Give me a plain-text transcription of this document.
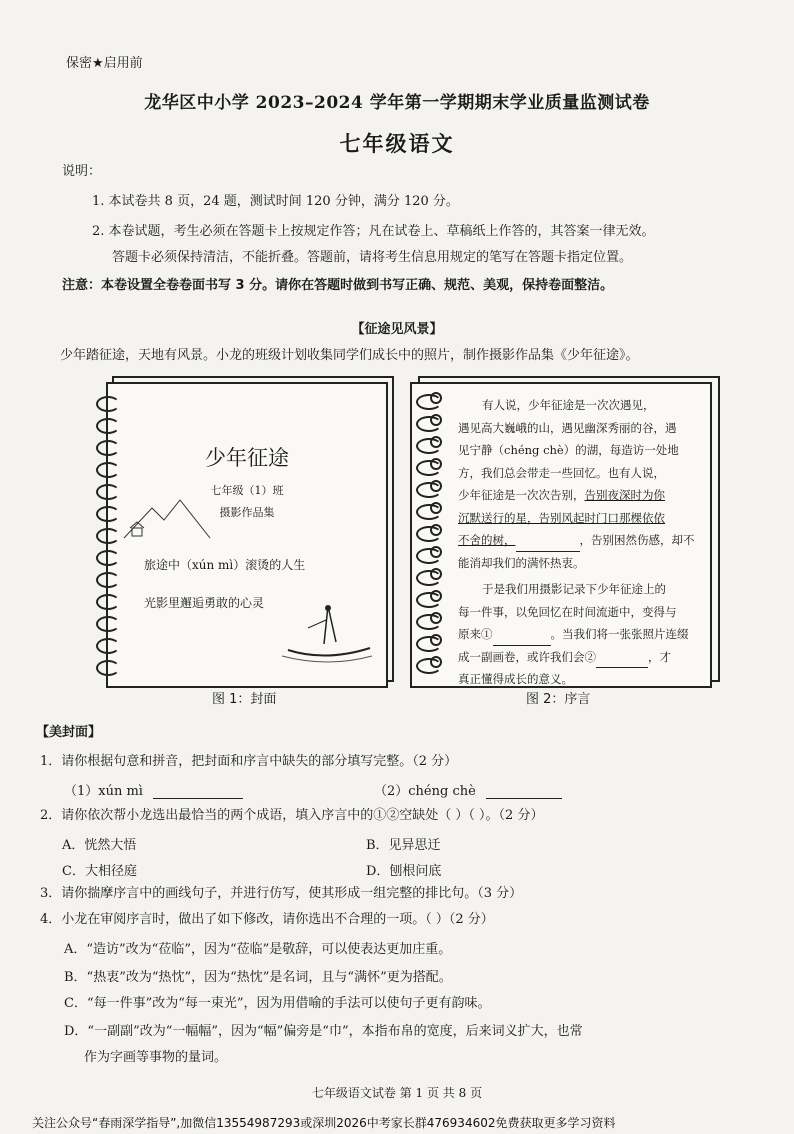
保密★启用前
龙华区中小学 2023–2024 学年第一学期期末学业质量监测试卷
七年级语文
说明：
1. 本试卷共 8 页，24 题，测试时间 120 分钟，满分 120 分。
2. 本卷试题，考生必须在答题卡上按规定作答；凡在试卷上、草稿纸上作答的，其答案一律无效。
答题卡必须保持清洁，不能折叠。答题前，请将考生信息用规定的笔写在答题卡指定位置。
注意：本卷设置全卷卷面书写 3 分。请你在答题时做到书写正确、规范、美观，保持卷面整洁。
【征途见风景】
少年踏征途，天地有风景。小龙的班级计划收集同学们成长中的照片，制作摄影作品集《少年征途》。
少年征途
七年级（1）班
摄影作品集
旅途中（xún mì）滚烫的人生
光影里邂逅勇敢的心灵
图 1：封面
有人说，少年征途是一次次遇见，
遇见高大巍峨的山，遇见幽深秀丽的谷，遇
见宁静（chéng chè）的湖，每造访一处地
方，我们总会带走一些回忆。也有人说，
少年征途是一次次告别，告别夜深时为你
沉默送行的星，告别风起时门口那棵依依
不舍的树，	，告别困然伤感，却不
能消却我们的满怀热衷。
于是我们用摄影记录下少年征途上的
每一件事，以免回忆在时间流逝中，变得与
原来①	。当我们将一张张照片连缀
成一副画卷，或许我们会②	，才
真正懂得成长的意义。
图 2：序言
【美封面】
1．请你根据句意和拼音，把封面和序言中缺失的部分填写完整。（2 分）
（1）xún mì	（2）chéng chè
2．请你依次帮小龙选出最恰当的两个成语，填入序言中的①②空缺处（ ）（ ）。（2 分）
A．恍然大悟	B．见异思迁
C．大相径庭	D．刨根问底
3．请你揣摩序言中的画线句子，并进行仿写，使其形成一组完整的排比句。（3 分）
4．小龙在审阅序言时，做出了如下修改，请你选出不合理的一项。（ ）（2 分）
A．“造访”改为“莅临”，因为“莅临”是敬辞，可以使表达更加庄重。
B．“热衷”改为“热忱”，因为“热忱”是名词，且与“满怀”更为搭配。
C．“每一件事”改为“每一束光”，因为用借喻的手法可以使句子更有韵味。
D．“一副副”改为“一幅幅”，因为“幅”偏旁是“巾”，本指布帛的宽度，后来词义扩大，也常
作为字画等事物的量词。
七年级语文试卷 第 1 页 共 8 页
关注公众号“春雨深学指导”,加微信13554987293或深圳2026中考家长群476934602免费获取更多学习资料
